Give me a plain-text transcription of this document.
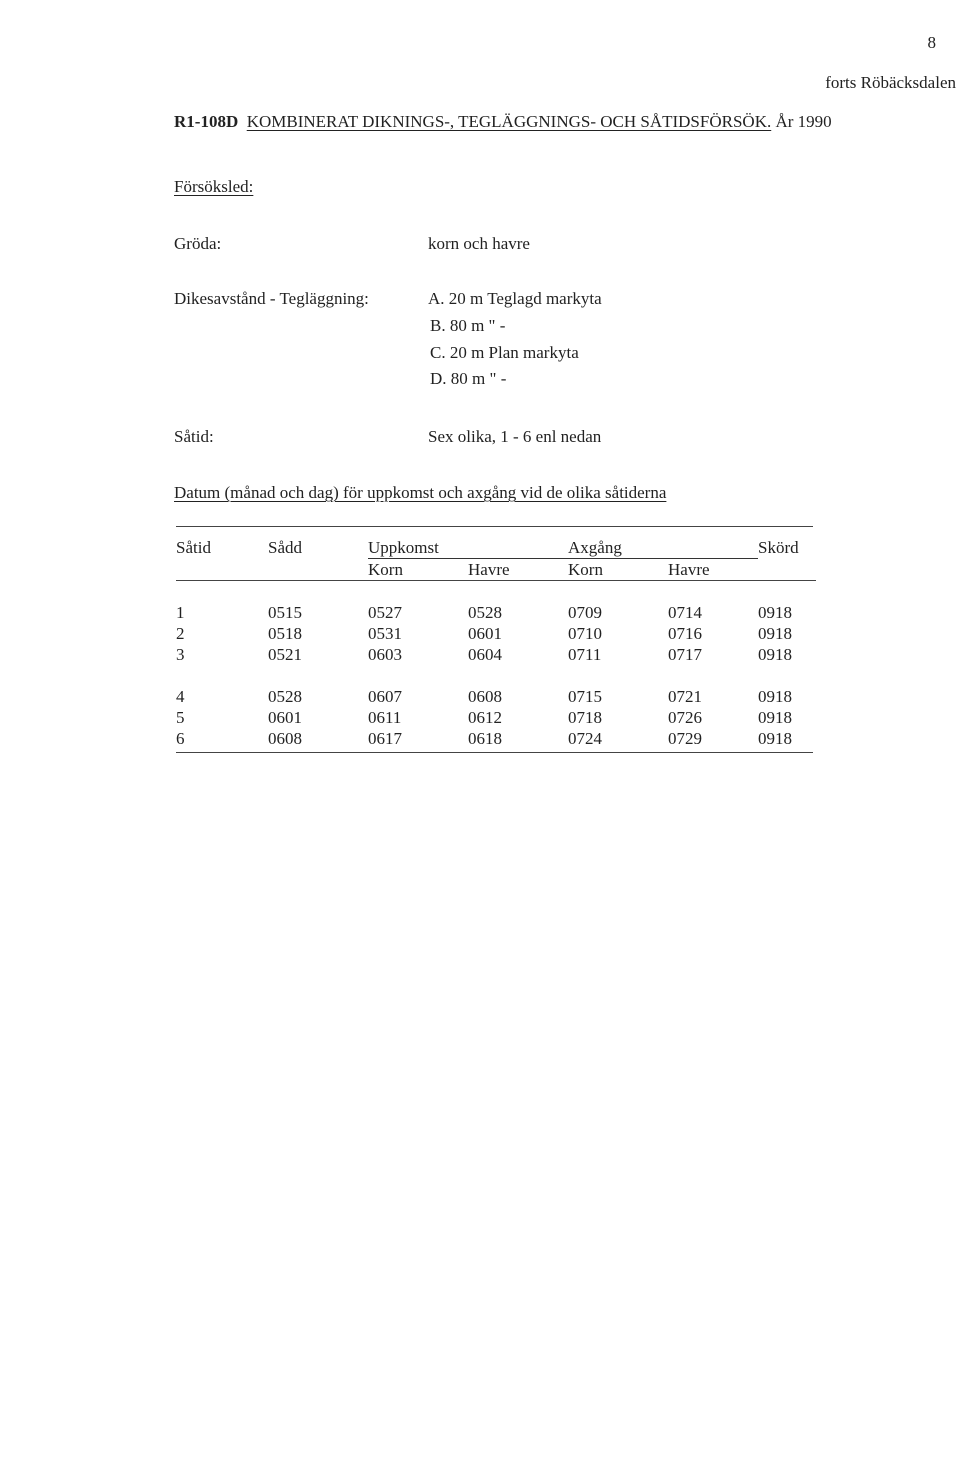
8
forts Röbäcksdalen
R1-108D KOMBINERAT DIKNINGS-, TEGLÄGGNINGS- OCH SÅTIDSFÖRSÖK. År 1990
Försöksled:
Gröda:	korn och havre
Dikesavstånd - Tegläggning:	A. 20 m Teglagd markyta
B. 80 m " -
C. 20 m Plan markyta
D. 80 m " -
Såtid:	Sex olika, 1 - 6 enl nedan
Datum (månad och dag) för uppkomst och axgång vid de olika såtiderna
Såtid	Sådd	Uppkomst		Axgång		Skörd
		Korn	Havre	Korn	Havre	

1	0515	0527	0528	0709	0714	0918
2	0518	0531	0601	0710	0716	0918
3	0521	0603	0604	0711	0717	0918

4	0528	0607	0608	0715	0721	0918
5	0601	0611	0612	0718	0726	0918
6	0608	0617	0618	0724	0729	0918
